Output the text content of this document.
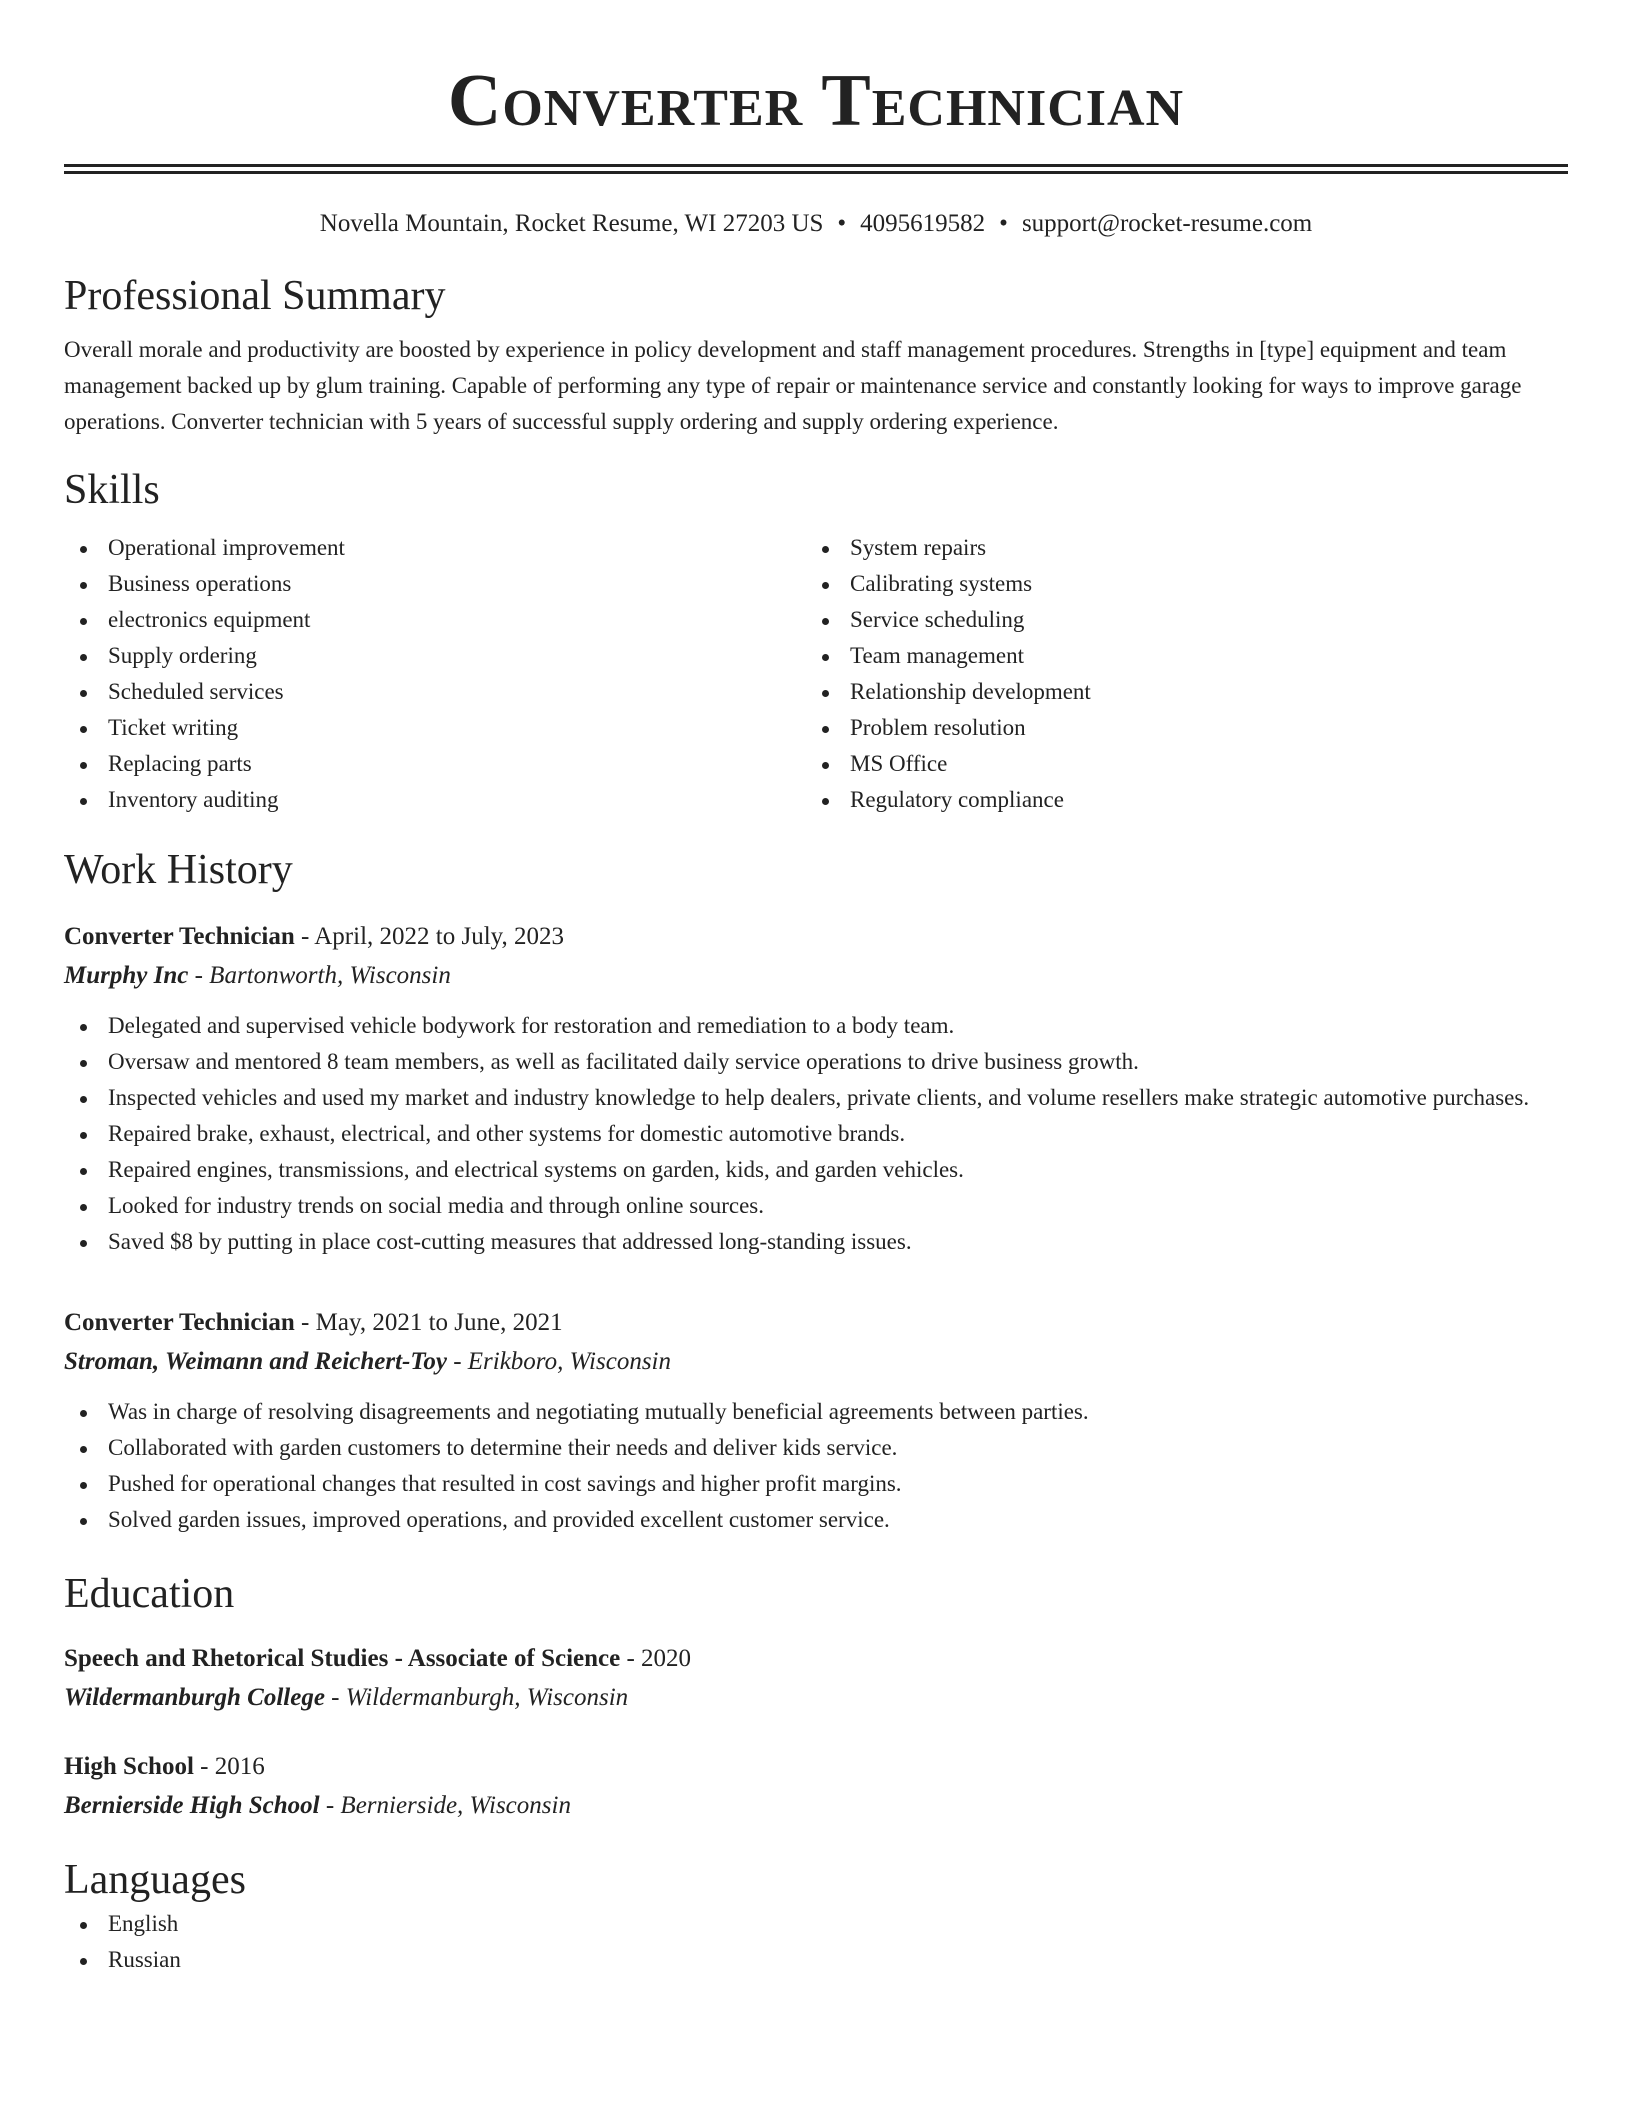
Converter Technician
Novella Mountain, Rocket Resume, WI 27203 US • 4095619582 • support@rocket-resume.com
Professional Summary

Overall morale and productivity are boosted by experience in policy development and staff management procedures. Strengths in [type] equipment and team management backed up by glum training. Capable of performing any type of repair or maintenance service and constantly looking for ways to improve garage operations. Converter technician with 5 years of successful supply ordering and supply ordering experience.

Skills
Operational improvement
Business operations
electronics equipment
Supply ordering
Scheduled services
Ticket writing
Replacing parts
Inventory auditing
System repairs
Calibrating systems
Service scheduling
Team management
Relationship development
Problem resolution
MS Office
Regulatory compliance
Work History
Converter Technician - April, 2022 to July, 2023
Murphy Inc - Bartonworth, Wisconsin
Delegated and supervised vehicle bodywork for restoration and remediation to a body team.
Oversaw and mentored 8 team members, as well as facilitated daily service operations to drive business growth.
Inspected vehicles and used my market and industry knowledge to help dealers, private clients, and volume resellers make strategic automotive purchases.
Repaired brake, exhaust, electrical, and other systems for domestic automotive brands.
Repaired engines, transmissions, and electrical systems on garden, kids, and garden vehicles.
Looked for industry trends on social media and through online sources.
Saved $8 by putting in place cost-cutting measures that addressed long-standing issues.
Converter Technician - May, 2021 to June, 2021
Stroman, Weimann and Reichert-Toy - Erikboro, Wisconsin
Was in charge of resolving disagreements and negotiating mutually beneficial agreements between parties.
Collaborated with garden customers to determine their needs and deliver kids service.
Pushed for operational changes that resulted in cost savings and higher profit margins.
Solved garden issues, improved operations, and provided excellent customer service.
Education
Speech and Rhetorical Studies - Associate of Science - 2020
Wildermanburgh College - Wildermanburgh, Wisconsin
High School - 2016
Bernierside High School - Bernierside, Wisconsin
Languages
English
Russian
